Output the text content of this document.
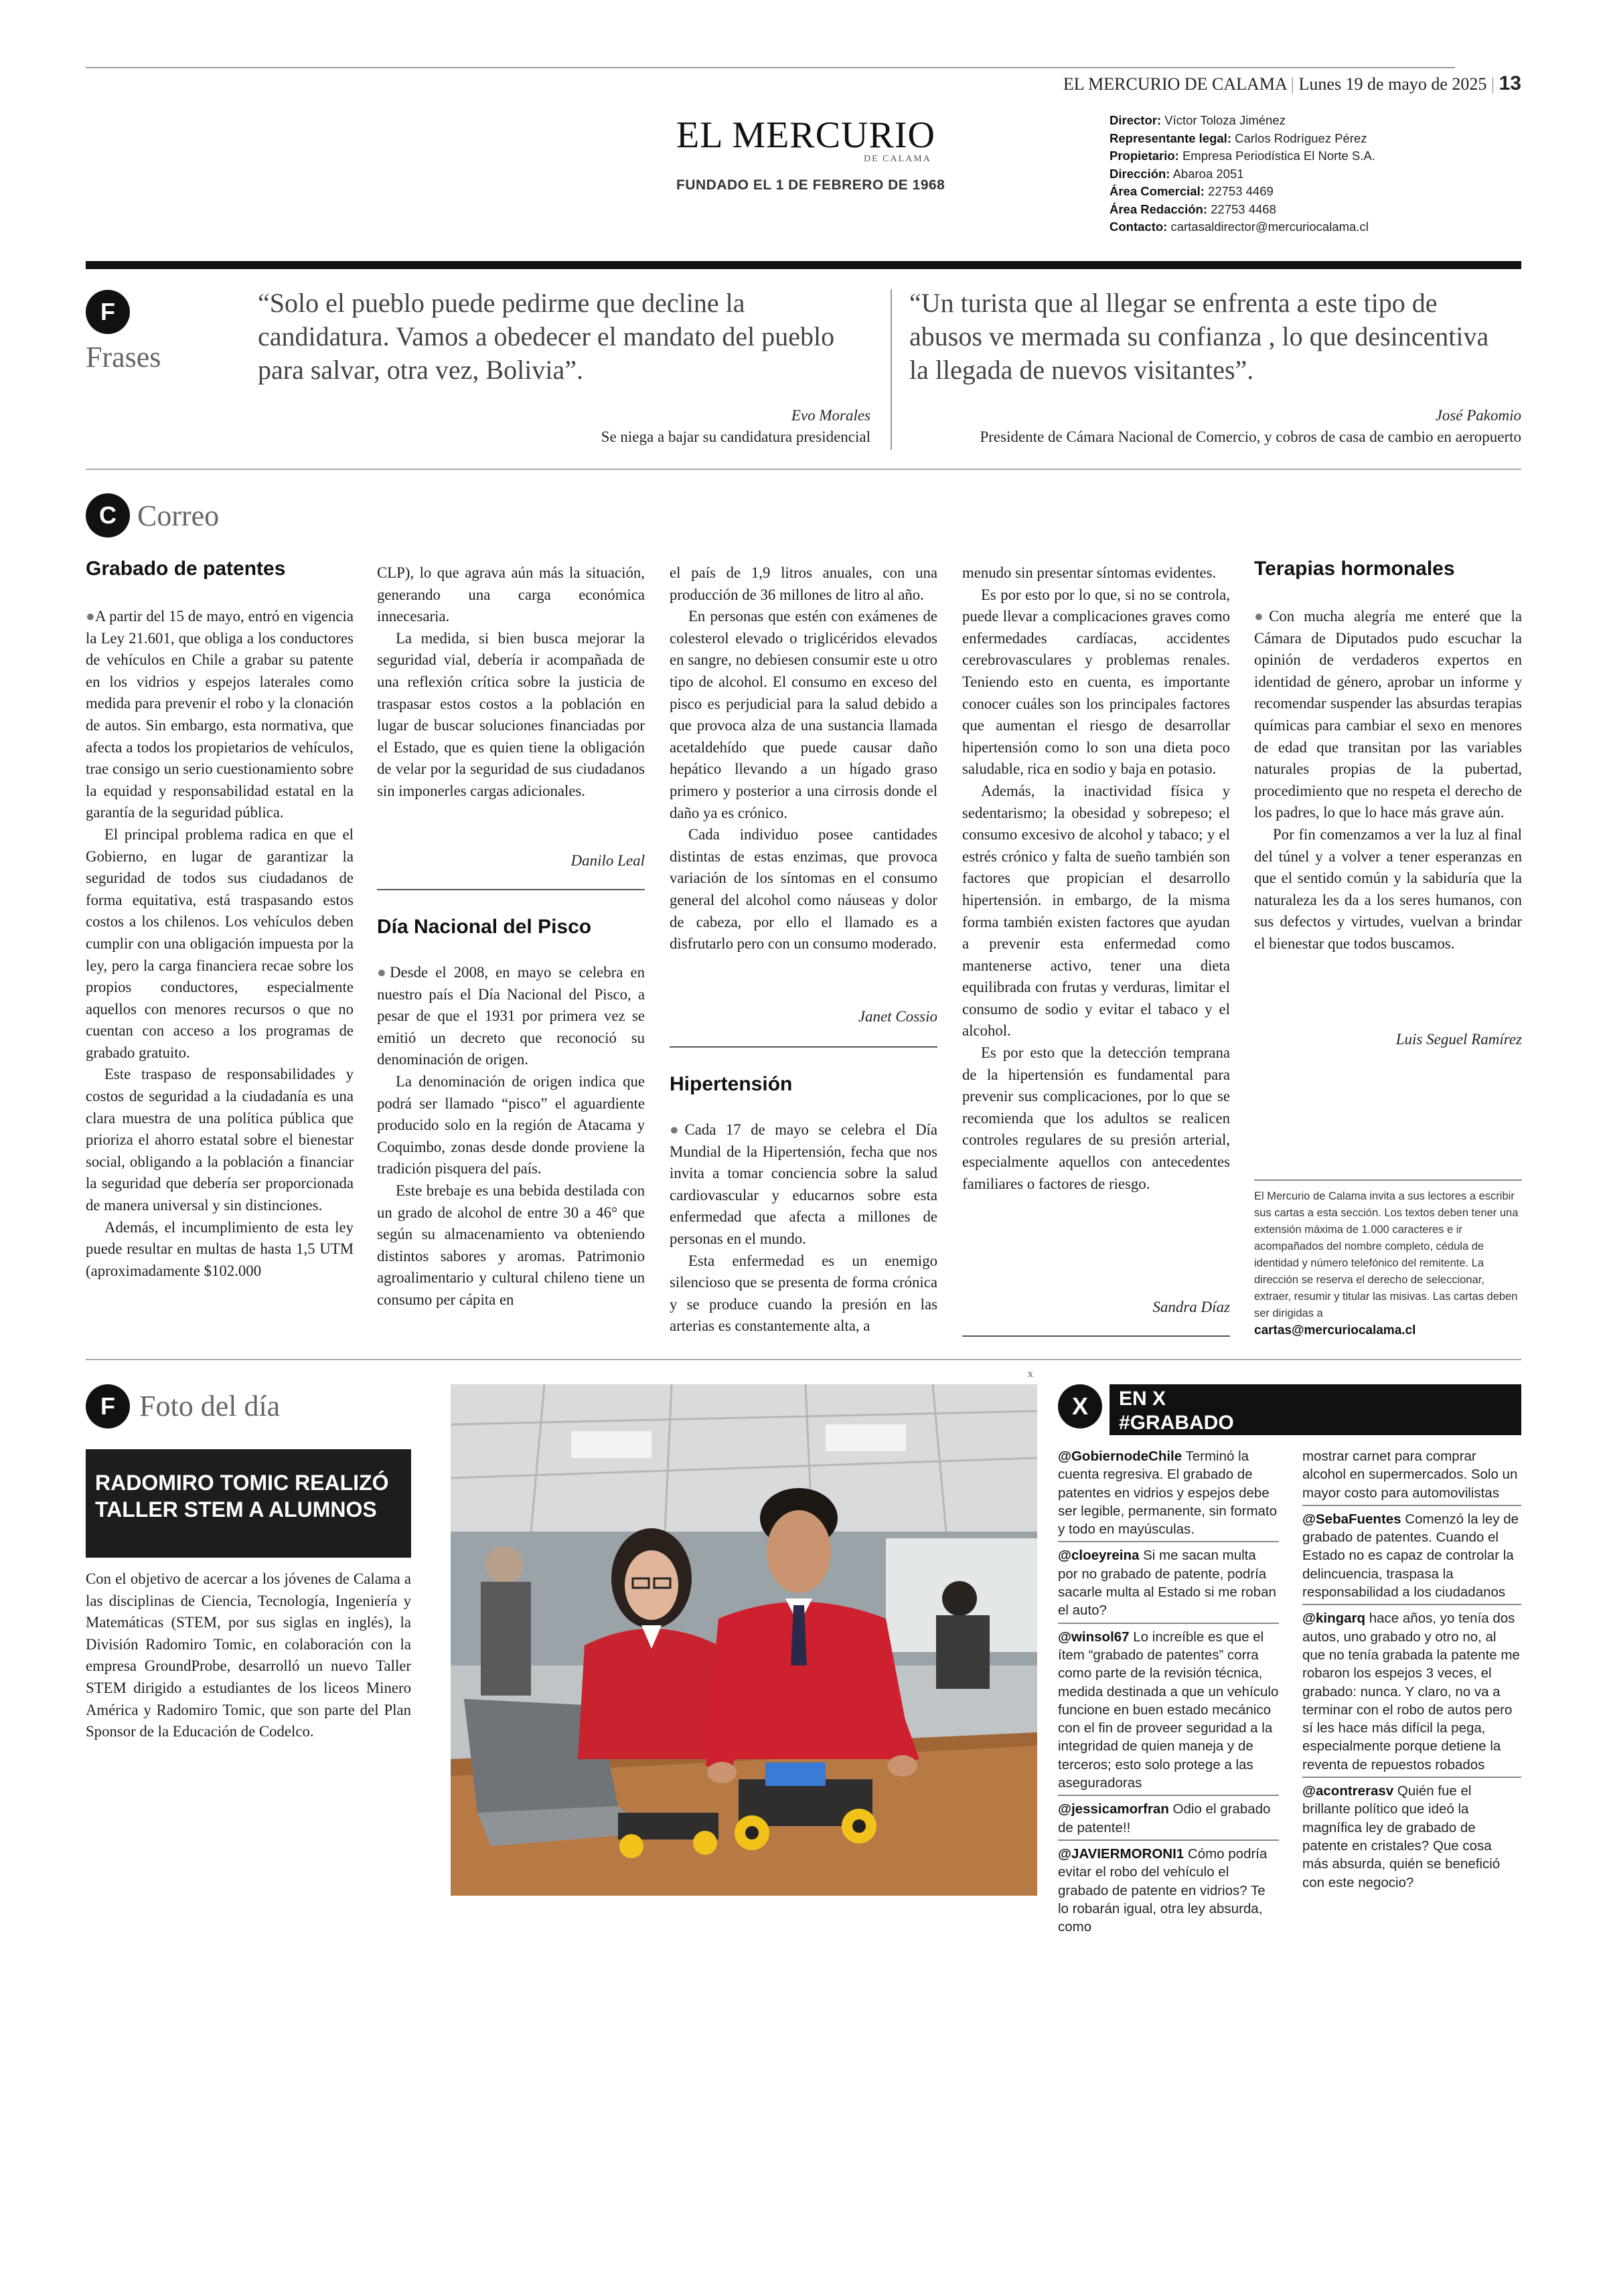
EL MERCURIO DE CALAMA | Lunes 19 de mayo de 2025 | 13
EL MERCURIO
DE CALAMA
FUNDADO EL 1 DE FEBRERO DE 1968
Director: Víctor Toloza Jiménez
Representante legal: Carlos Rodríguez Pérez
Propietario: Empresa Periodística El Norte S.A.
Dirección: Abaroa 2051
Área Comercial: 22753 4469
Área Redacción: 22753 4468
Contacto: cartasaldirector@mercuriocalama.cl
F
Frases
“Solo el pueblo puede pedirme que decline la candidatura. Vamos a obedecer el mandato del pueblo para salvar, otra vez, Bolivia”.
Evo Morales
Se niega a bajar su candidatura presidencial
“Un turista que al llegar se enfrenta a este tipo de abusos ve mermada su confianza , lo que desincentiva la llegada de nuevos visitantes”.
José Pakomio
Presidente de Cámara Nacional de Comercio, y cobros de casa de cambio en aeropuerto
C Correo
Grabado de patentes

●A partir del 15 de mayo, entró en vigencia la Ley 21.601, que obliga a los conductores de vehículos en Chile a grabar su patente en los vidrios y espejos laterales como medida para prevenir el robo y la clonación de autos. Sin embargo, esta normativa, que afecta a todos los propietarios de vehículos, trae consigo un serio cuestionamiento sobre la equidad y responsabilidad estatal en la garantía de la seguridad pública.

El principal problema radica en que el Gobierno, en lugar de garantizar la seguridad de todos sus ciudadanos de forma equitativa, está traspasando estos costos a los chilenos. Los vehículos deben cumplir con una obligación impuesta por la ley, pero la carga financiera recae sobre los propios conductores, especialmente aquellos con menores recursos o que no cuentan con acceso a los programas de grabado gratuito.

Este traspaso de responsabilidades y costos de seguridad a la ciudadanía es una clara muestra de una política pública que prioriza el ahorro estatal sobre el bienestar social, obligando a la población a financiar la seguridad que debería ser proporcionada de manera universal y sin distinciones.

Además, el incumplimiento de esta ley puede resultar en multas de hasta 1,5 UTM (aproximadamente $102.000

CLP), lo que agrava aún más la situación, generando una carga económica innecesaria.

La medida, si bien busca mejorar la seguridad vial, debería ir acompañada de una reflexión crítica sobre la justicia de traspasar estos costos a la población en lugar de buscar soluciones financiadas por el Estado, que es quien tiene la obligación de velar por la seguridad de sus ciudadanos sin imponerles cargas adicionales.

Danilo Leal
Día Nacional del Pisco

●Desde el 2008, en mayo se celebra en nuestro país el Día Nacional del Pisco, a pesar de que el 1931 por primera vez se emitió un decreto que reconoció su denominación de origen.

La denominación de origen indica que podrá ser llamado “pisco” el aguardiente producido solo en la región de Atacama y Coquimbo, zonas desde donde proviene la tradición pisquera del país.

Este brebaje es una bebida destilada con un grado de alcohol de entre 30 a 46° que según su almacenamiento va obteniendo distintos sabores y aromas. Patrimonio agroalimentario y cultural chileno tiene un consumo per cápita en

el país de 1,9 litros anuales, con una producción de 36 millones de litro al año.

En personas que estén con exámenes de colesterol elevado o triglicéridos elevados en sangre, no debiesen consumir este u otro tipo de alcohol. El consumo en exceso del pisco es perjudicial para la salud debido a que provoca alza de una sustancia llamada acetaldehído que puede causar daño hepático llevando a un hígado graso primero y posterior a una cirrosis donde el daño ya es crónico.

Cada individuo posee cantidades distintas de estas enzimas, que provoca variación de los síntomas en el consumo general del alcohol como náuseas y dolor de cabeza, por ello el llamado es a disfrutarlo pero con un consumo moderado.

Janet Cossio
Hipertensión

●Cada 17 de mayo se celebra el Día Mundial de la Hipertensión, fecha que nos invita a tomar conciencia sobre la salud cardiovascular y educarnos sobre esta enfermedad que afecta a millones de personas en el mundo.

Esta enfermedad es un enemigo silencioso que se presenta de forma crónica y se produce cuando la presión en las arterias es constantemente alta, a

menudo sin presentar síntomas evidentes.

Es por esto por lo que, si no se controla, puede llevar a complicaciones graves como enfermedades cardíacas, accidentes cerebrovasculares y problemas renales. Teniendo esto en cuenta, es importante conocer cuáles son los principales factores que aumentan el riesgo de desarrollar hipertensión como lo son una dieta poco saludable, rica en sodio y baja en potasio.

Además, la inactividad física y sedentarismo; la obesidad y sobrepeso; el consumo excesivo de alcohol y tabaco; y el estrés crónico y falta de sueño también son factores que propician el desarrollo hipertensión. in embargo, de la misma forma también existen factores que ayudan a prevenir esta enfermedad como mantenerse activo, tener una dieta equilibrada con frutas y verduras, limitar el consumo de sodio y evitar el tabaco y el alcohol.

Es por esto que la detección temprana de la hipertensión es fundamental para prevenir sus complicaciones, por lo que se recomienda que los adultos se realicen controles regulares de su presión arterial, especialmente aquellos con antecedentes familiares o factores de riesgo.

Sandra Díaz
Terapias hormonales

●Con mucha alegría me enteré que la Cámara de Diputados pudo escuchar la opinión de verdaderos expertos en identidad de género, aprobar un informe y recomendar suspender las absurdas terapias químicas para cambiar el sexo en menores de edad que transitan por las variables naturales propias de la pubertad, procedimiento que no respeta el derecho de los padres, lo que lo hace más grave aún.

Por fin comenzamos a ver la luz al final del túnel y a volver a tener esperanzas en que el sentido común y la sabiduría que la naturaleza les da a los seres humanos, con sus defectos y virtudes, vuelvan a brindar el bienestar que todos buscamos.

Luis Seguel Ramírez
El Mercurio de Calama invita a sus lectores a escribir sus cartas a esta sección. Los textos deben tener una extensión máxima de 1.000 caracteres e ir acompañados del nombre completo, cédula de identidad y número telefónico del remitente. La dirección se reserva el derecho de seleccionar, extraer, resumir y titular las misivas. Las cartas deben ser dirigidas a
cartas@mercuriocalama.cl
F Foto del día
RADOMIRO TOMIC REALIZÓ TALLER STEM A ALUMNOS

Con el objetivo de acercar a los jóvenes de Calama a las disciplinas de Ciencia, Tecnología, Ingeniería y Matemáticas (STEM, por sus siglas en inglés), la División Radomiro Tomic, en colaboración con la empresa GroundProbe, desarrolló un nuevo Taller STEM dirigido a estudiantes de los liceos Minero América y Radomiro Tomic, que son parte del Plan Sponsor de la Educación de Codelco.

x
X	EN X
#GRABADO
@GobiernodeChile Terminó la cuenta regresiva. El grabado de patentes en vidrios y espejos debe ser legible, permanente, sin formato y todo en mayúsculas.
@cloeyreina Si me sacan multa por no grabado de patente, podría sacarle multa al Estado si me roban el auto?
@winsol67 Lo increíble es que el ítem “grabado de patentes” corra como parte de la revisión técnica, medida destinada a que un vehículo funcione en buen estado mecánico con el fin de proveer seguridad a la integridad de quien maneja y de terceros; esto solo protege a las aseguradoras
@jessicamorfran Odio el grabado de patente!!
@JAVIERMORONI1 Cómo podría evitar el robo del vehículo el grabado de patente en vidrios? Te lo robarán igual, otra ley absurda, como
mostrar carnet para comprar alcohol en supermercados. Solo un mayor costo para automovilistas
@SebaFuentes Comenzó la ley de grabado de patentes. Cuando el Estado no es capaz de controlar la delincuencia, traspasa la responsabilidad a los ciudadanos
@kingarq hace años, yo tenía dos autos, uno grabado y otro no, al que no tenía grabada la patente me robaron los espejos 3 veces, el grabado: nunca. Y claro, no va a terminar con el robo de autos pero sí les hace más difícil la pega, especialmente porque detiene la reventa de repuestos robados
@acontrerasv Quién fue el brillante político que ideó la magnífica ley de grabado de patente en cristales? Que cosa más absurda, quién se benefició con este negocio?
